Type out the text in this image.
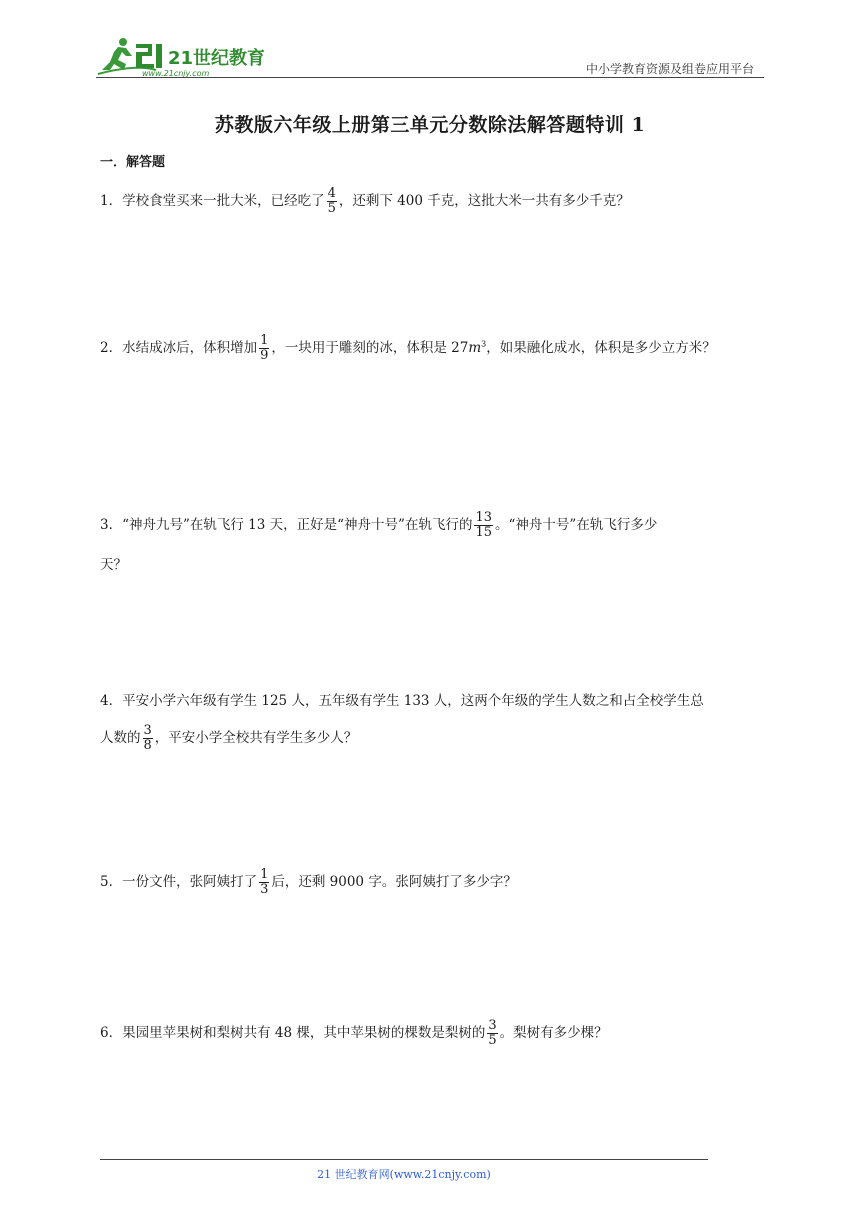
21世纪教育
www.21cnjy.com	中小学教育资源及组卷应用平台
苏教版六年级上册第三单元分数除法解答题特训 1
一．解答题
1．学校食堂买来一批大米，已经吃了 $\frac{4}{5}$ ，还剩下 400 千克，这批大米一共有多少千克？
2．水结成冰后，体积增加 $\frac{1}{9}$ ，一块用于雕刻的冰，体积是 $27m^3$，如果融化成水，体积是多少立方米？
3．“神舟九号”在轨飞行 13 天，正好是“神舟十号”在轨飞行的 $\frac{13}{15}$ 。“神舟十号”在轨飞行多少
天？
4．平安小学六年级有学生 125 人，五年级有学生 133 人，这两个年级的学生人数之和占全校学生总
人数的 $\frac{3}{8}$ ，平安小学全校共有学生多少人？
5．一份文件，张阿姨打了 $\frac{1}{3}$ 后，还剩 9000 字。张阿姨打了多少字？
6．果园里苹果树和梨树共有 48 棵，其中苹果树的棵数是梨树的 $\frac{3}{5}$ 。梨树有多少棵？
21 世纪教育网(www.21cnjy.com)
